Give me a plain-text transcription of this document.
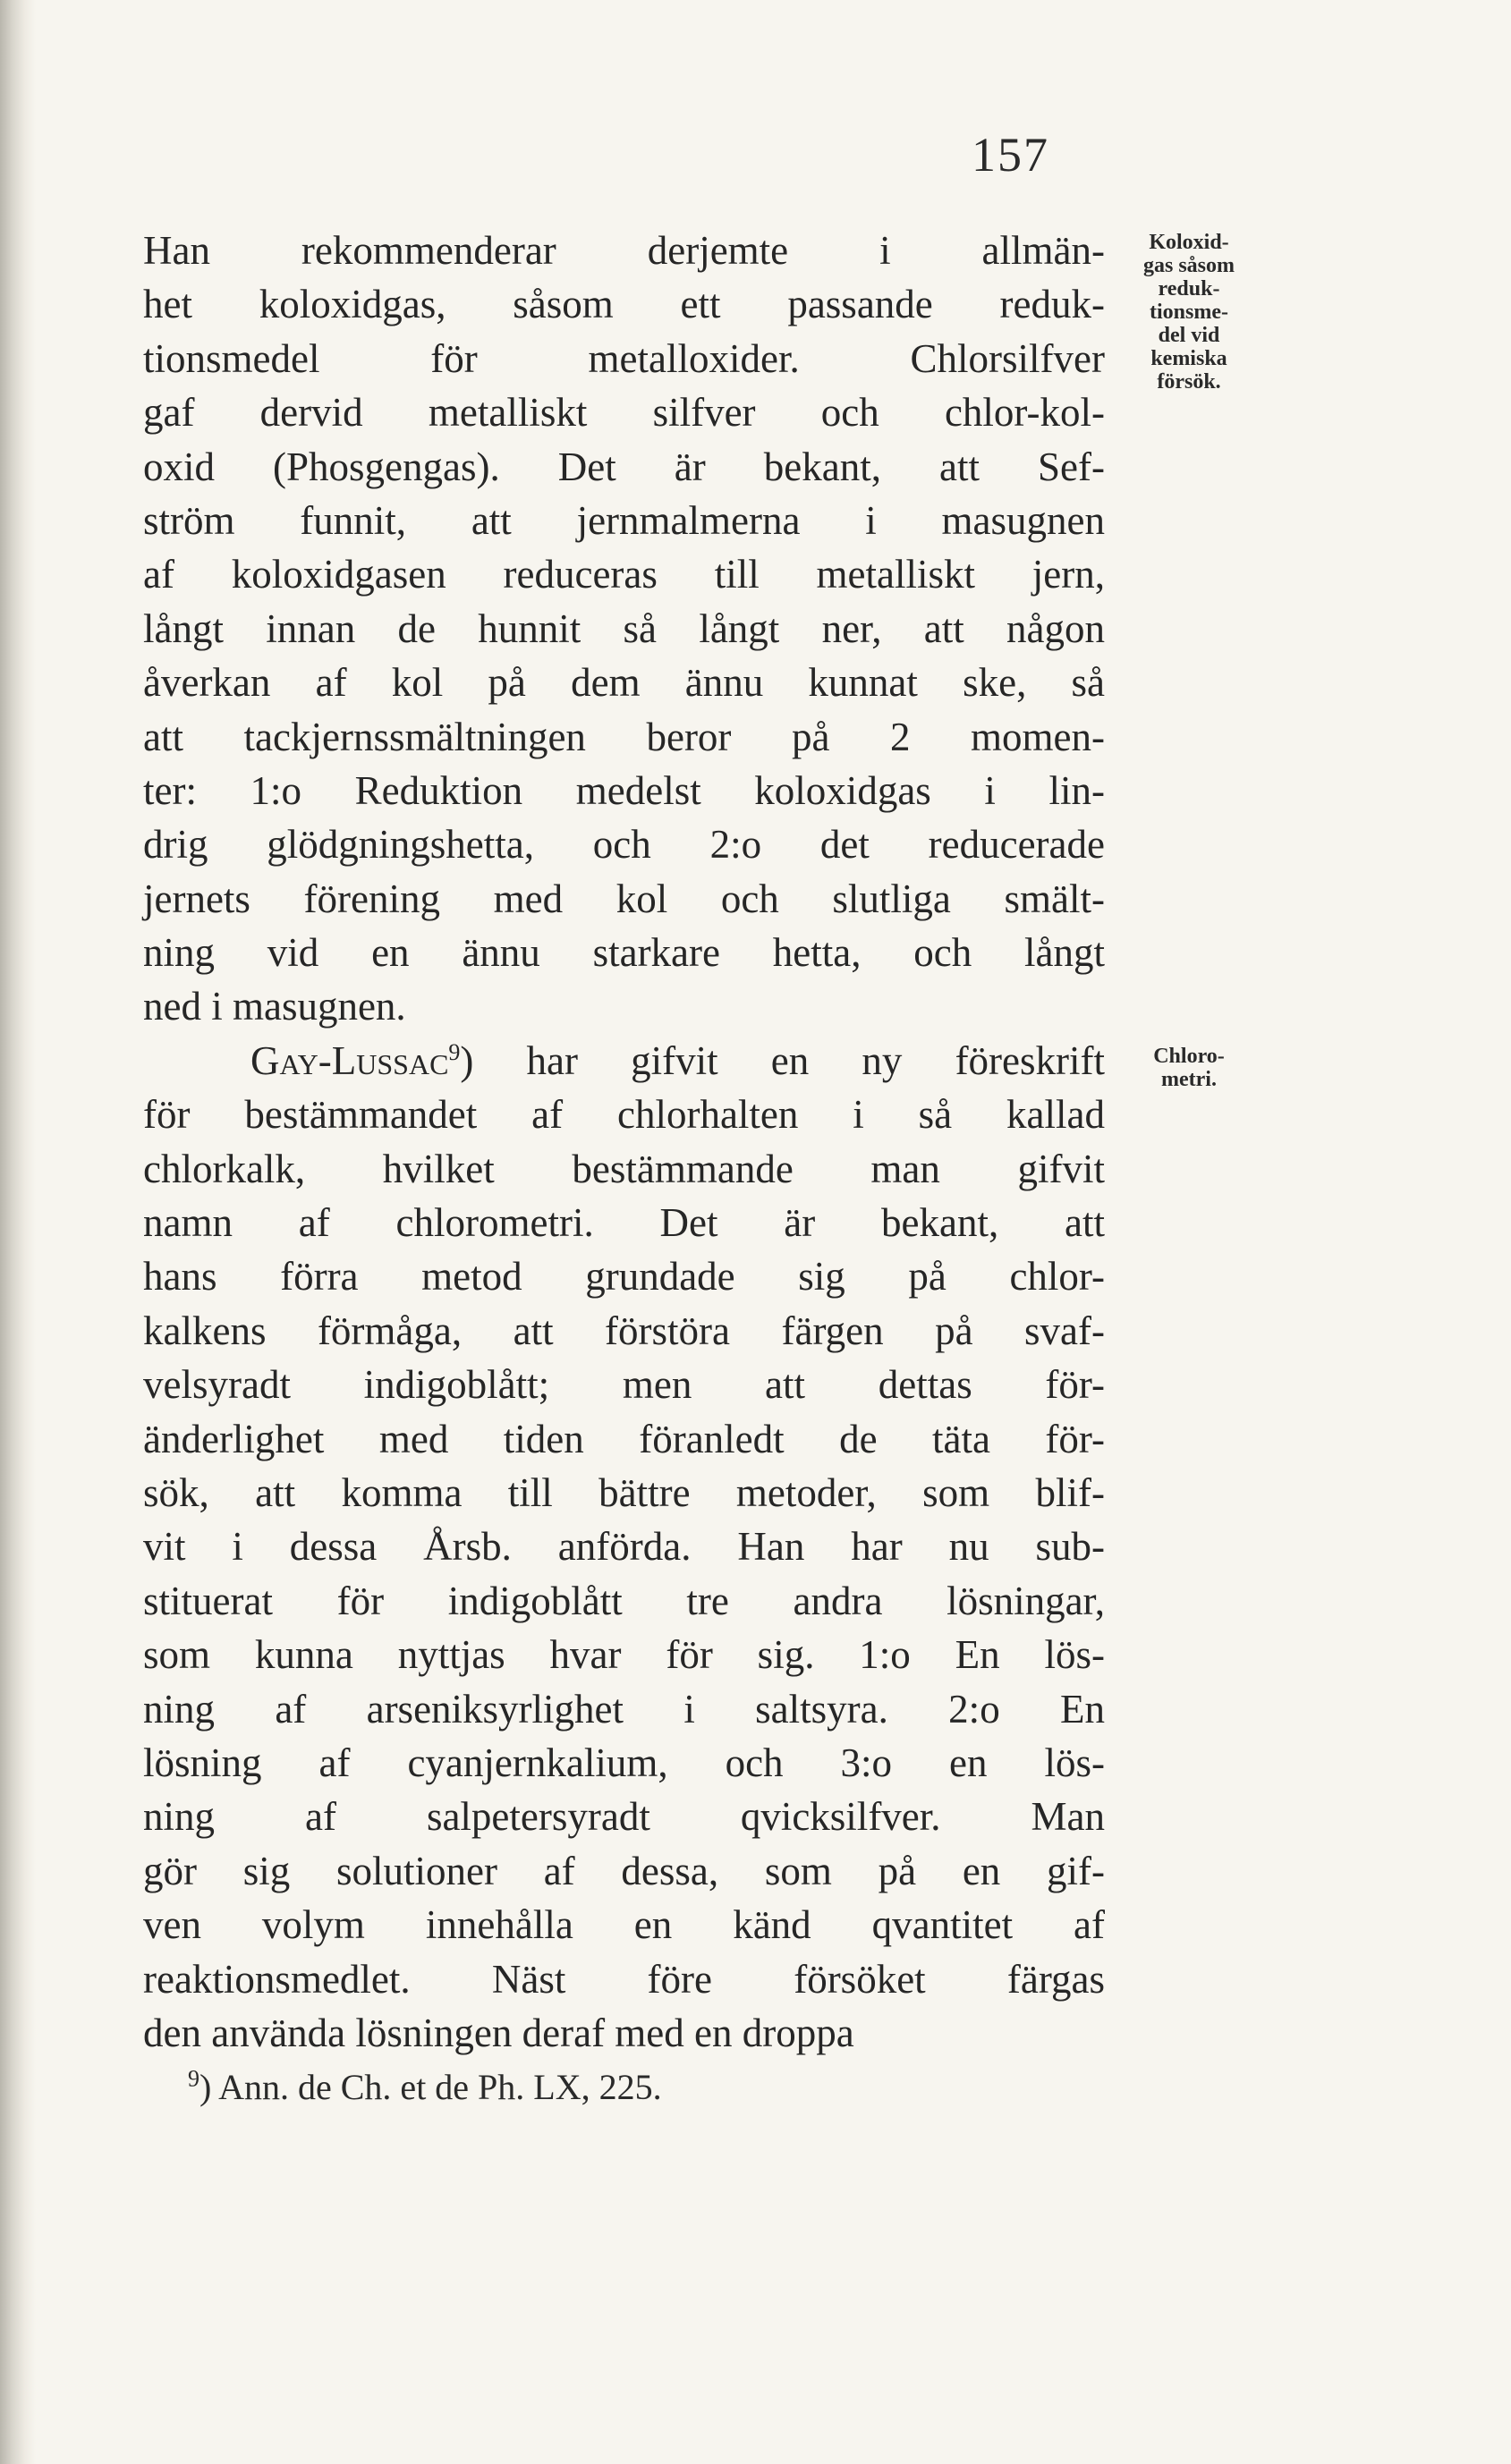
157
Han rekommenderar derjemte i allmän-
het koloxidgas, såsom ett passande reduk-
tionsmedel för metalloxider. Chlorsilfver
gaf dervid metalliskt silfver och chlor-kol-
oxid (Phosgengas). Det är bekant, att Sef-
ström funnit, att jernmalmerna i masugnen
af koloxidgasen reduceras till metalliskt jern,
långt innan de hunnit så långt ner, att någon
åverkan af kol på dem ännu kunnat ske, så
att tackjernssmältningen beror på 2 momen-
ter: 1:o Reduktion medelst koloxidgas i lin-
drig glödgningshetta, och 2:o det reducerade
jernets förening med kol och slutliga smält-
ning vid en ännu starkare hetta, och långt
ned i masugnen.
Gay-Lussac$^9$) har gifvit en ny föreskrift
för bestämmandet af chlorhalten i så kallad
chlorkalk, hvilket bestämmande man gifvit
namn af chlorometri. Det är bekant, att
hans förra metod grundade sig på chlor-
kalkens förmåga, att förstöra färgen på svaf-
velsyradt indigoblått; men att dettas för-
änderlighet med tiden föranledt de täta för-
sök, att komma till bättre metoder, som blif-
vit i dessa Årsb. anförda. Han har nu sub-
stituerat för indigoblått tre andra lösningar,
som kunna nyttjas hvar för sig. 1:o En lös-
ning af arseniksyrlighet i saltsyra. 2:o En
lösning af cyanjernkalium, och 3:o en lös-
ning af salpetersyradt qvicksilfver. Man
gör sig solutioner af dessa, som på en gif-
ven volym innehålla en känd qvantitet af
reaktionsmedlet. Näst före försöket färgas
den använda lösningen deraf med en droppa
Koloxid-
gas såsom
reduk-
tionsme-
del vid
kemiska
försök.
Chloro-
metri.
$^9$) Ann. de Ch. et de Ph. LX, 225.
